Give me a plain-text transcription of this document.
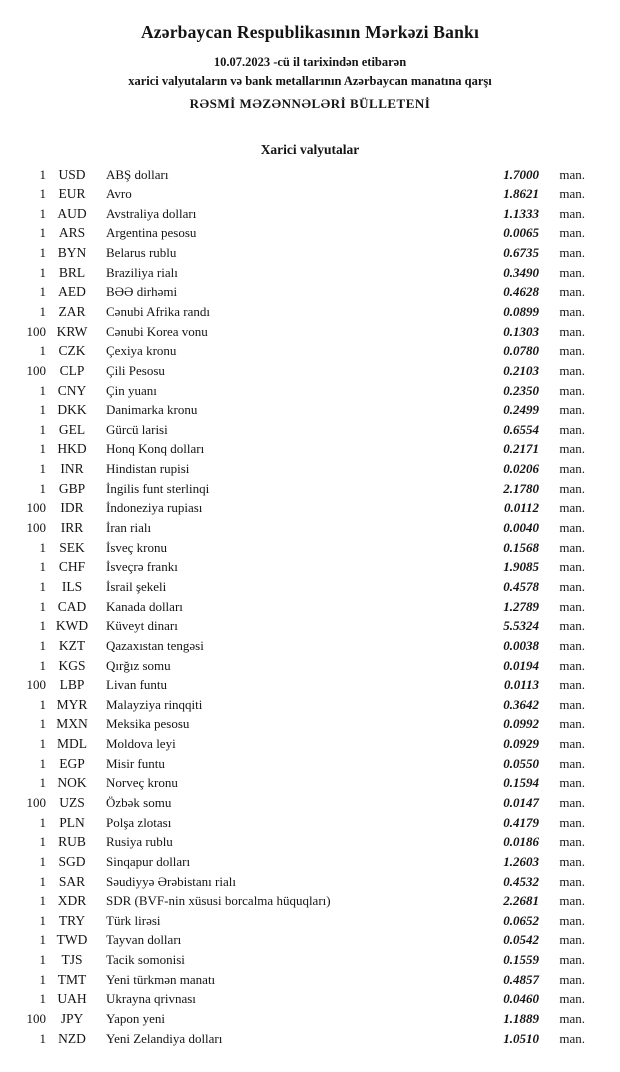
Azərbaycan Respublikasının Mərkəzi Bankı
10.07.2023 -cü il tarixindən etibarən
xarici valyutaların və bank metallarının Azərbaycan manatına qarşı
RƏSMİ MƏZƏNNƏLƏRİ BÜLLETENİ
Xarici valyutalar
1 USD	ABŞ dolları	1.7000	man.
1 EUR	Avro	1.8621	man.
1 AUD	Avstraliya dolları	1.1333	man.
1 ARS	Argentina pesosu	0.0065	man.
1 BYN	Belarus rublu	0.6735	man.
1 BRL	Braziliya rialı	0.3490	man.
1 AED	BƏƏ dirhəmi	0.4628	man.
1 ZAR	Cənubi Afrika randı	0.0899	man.
100 KRW	Cənubi Korea vonu	0.1303	man.
1 CZK	Çexiya kronu	0.0780	man.
100	CLP	Çili Pesosu	0.2103	man.
1 CNY	Çin yuanı	0.2350	man.
1 DKK	Danimarka kronu	0.2499	man.
1 GEL	Gürcü larisi	0.6554	man.
1 HKD	Honq Konq dolları	0.2171	man.
1	INR	Hindistan rupisi	0.0206	man.
1 GBP	İngilis funt sterlinqi	2.1780	man.
100	IDR	İndoneziya rupiası	0.0112	man.
100	IRR	İran rialı	0.0040	man.
1 SEK	İsveç kronu	0.1568	man.
1 CHF	İsveçrə frankı	1.9085	man.
1	ILS	İsrail şekeli	0.4578	man.
1 CAD	Kanada dolları	1.2789	man.
1 KWD	Küveyt dinarı	5.5324	man.
1 KZT	Qazaxıstan tengəsi	0.0038	man.
1 KGS	Qırğız somu	0.0194	man.
100	LBP	Livan funtu	0.0113	man.
1 MYR	Malayziya rinqqiti	0.3642	man.
1 MXN	Meksika pesosu	0.0992	man.
1 MDL	Moldova leyi	0.0929	man.
1 EGP	Misir funtu	0.0550	man.
1 NOK	Norveç kronu	0.1594	man.
100 UZS	Özbək somu	0.0147	man.
1 PLN	Polşa zlotası	0.4179	man.
1 RUB	Rusiya rublu	0.0186	man.
1 SGD	Sinqapur dolları	1.2603	man.
1 SAR	Səudiyyə Ərəbistanı rialı	0.4532	man.
1 XDR	SDR (BVF-nin xüsusi borcalma hüquqları)	2.2681	man.
1 TRY	Türk lirəsi	0.0652	man.
1 TWD	Tayvan dolları	0.0542	man.
1	TJS	Tacik somonisi	0.1559	man.
1 TMT	Yeni türkmən manatı	0.4857	man.
1 UAH	Ukrayna qrivnası	0.0460	man.
100	JPY	Yapon yeni	1.1889	man.
1 NZD	Yeni Zelandiya dolları	1.0510	man.
